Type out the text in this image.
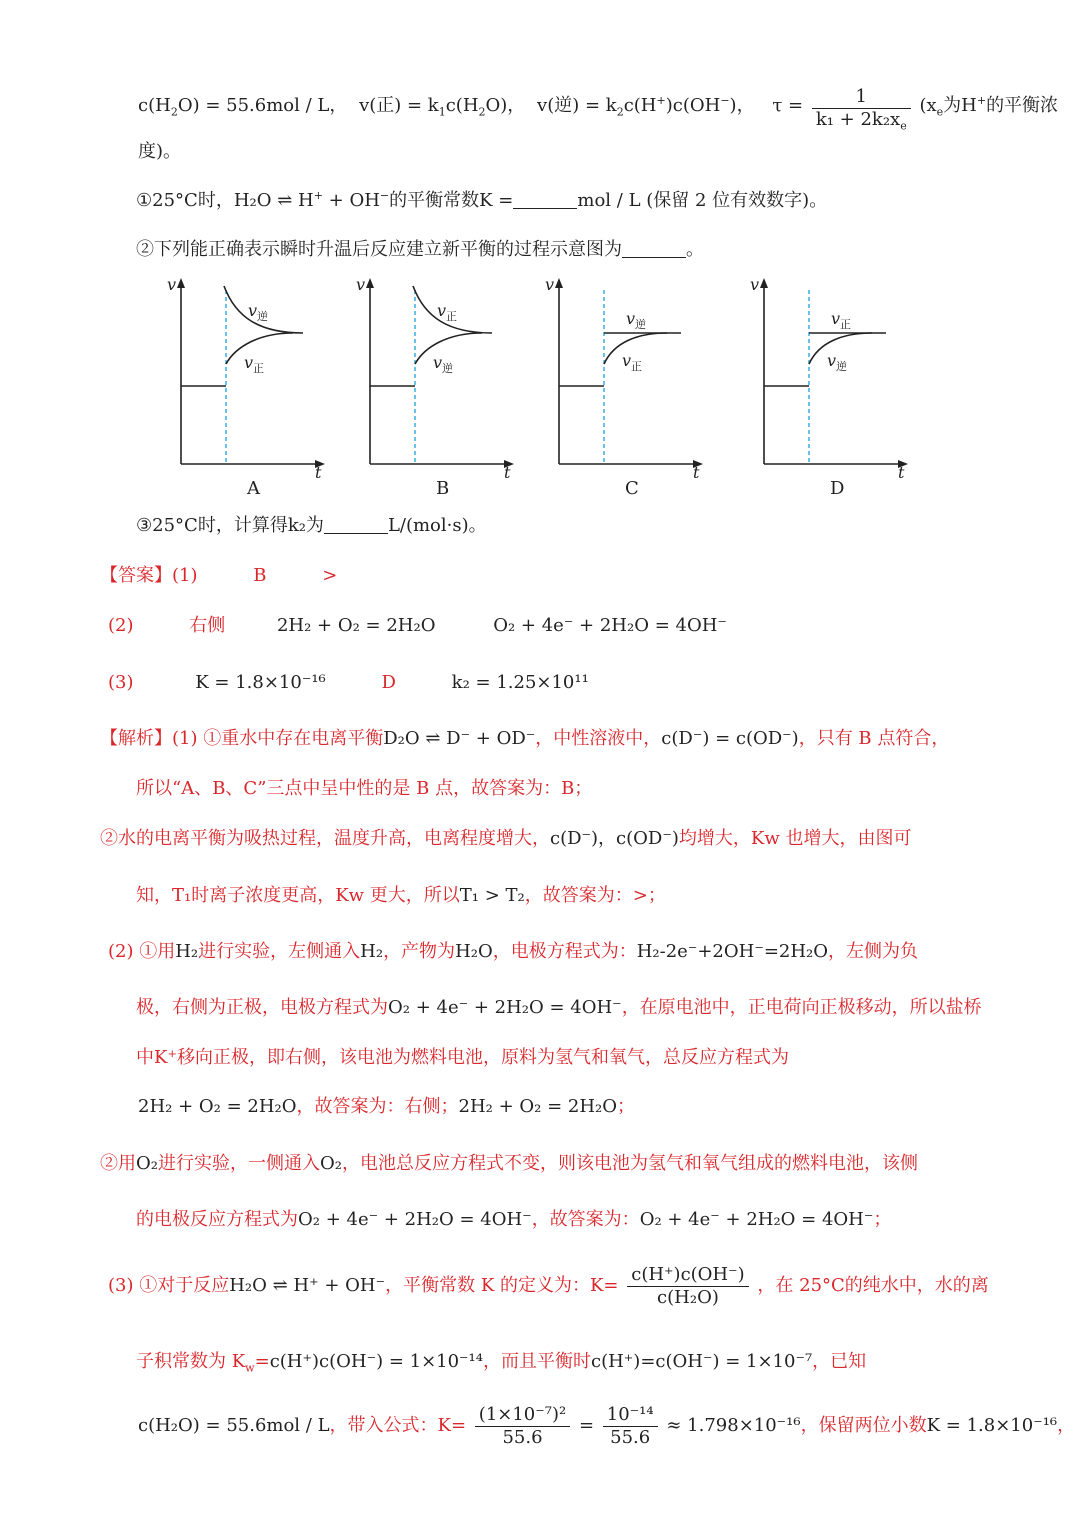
$c(H_2O) = 55.6mol / L$， v(正) = $k_1c(H_2O)$， v(逆) = $k_2c(H^+)c(OH^-)$， $\tau = \frac{1}{k_1 + 2k_2x_e} (x_e$为H+的平衡浓
度)。
①25°C时，H₂O ⇌ H+ + OH−的平衡常数K =	mol / L (保留 2 位有效数字)。
②下列能正确表示瞬时升温后反应建立新平衡的过程示意图为	。
v
t
v 逆
v 正
A
v
t
v 正
v 逆
B
v
t
v 逆
v 正
C
v
t
v 正
v 逆
D
③25°C时，计算得k₂为	L/(mol·s)。
【答案】(1)	B	>
(2)	右侧	2H₂ + O₂ = 2H₂O	O₂ + 4e⁻ + 2H₂O = 4OH⁻
(3)	K = 1.8×10⁻¹⁶	D	k₂ = 1.25×10¹¹
【解析】(1) ①重水中存在电离平衡D₂O ⇌ D⁻ + OD⁻，中性溶液中，c(D⁻) = c(OD⁻)，只有 B 点符合，
所以“A、B、C”三点中呈中性的是 B 点，故答案为：B；
②水的电离平衡为吸热过程，温度升高，电离程度增大，c(D⁻)，c(OD⁻)均增大，Kw 也增大，由图可
知，T₁时离子浓度更高，Kw 更大，所以T₁ > T₂，故答案为：>；
(2) ①用H₂进行实验，左侧通入H₂，产物为H₂O，电极方程式为：H₂-2e⁻+2OH⁻=2H₂O，左侧为负
极，右侧为正极，电极方程式为O₂ + 4e⁻ + 2H₂O = 4OH⁻，在原电池中，正电荷向正极移动，所以盐桥
中K⁺移向正极，即右侧，该电池为燃料电池，原料为氢气和氧气，总反应方程式为
2H₂ + O₂ = 2H₂O，故答案为：右侧；2H₂ + O₂ = 2H₂O；
②用O₂进行实验，一侧通入O₂，电池总反应方程式不变，则该电池为氢气和氧气组成的燃料电池，该侧
的电极反应方程式为O₂ + 4e⁻ + 2H₂O = 4OH⁻，故答案为：O₂ + 4e⁻ + 2H₂O = 4OH⁻；
(3) ①对于反应H₂O ⇌ H⁺ + OH⁻，平衡常数 K 的定义为：$K= \frac{c(H^+)c(OH^-)}{\text{c(H₂O)}}$ ，在 25°C的纯水中，水的离
子积常数为 $K_w=c(H^+)c(OH^-) = 1\times 10^{-14}$，而且平衡时c(H⁺)=c(OH⁻) = 1×10⁻⁷，已知
c(H₂O) = 55.6mol / L，带入公式：$K= \frac{\text{(1×10⁻⁷)²}}{55.6} = \frac{\text{10⁻¹⁴}}{55.6} \approx 1.798\times 10^{-16}$，保留两位小数K = 1.8×10⁻¹⁶，
